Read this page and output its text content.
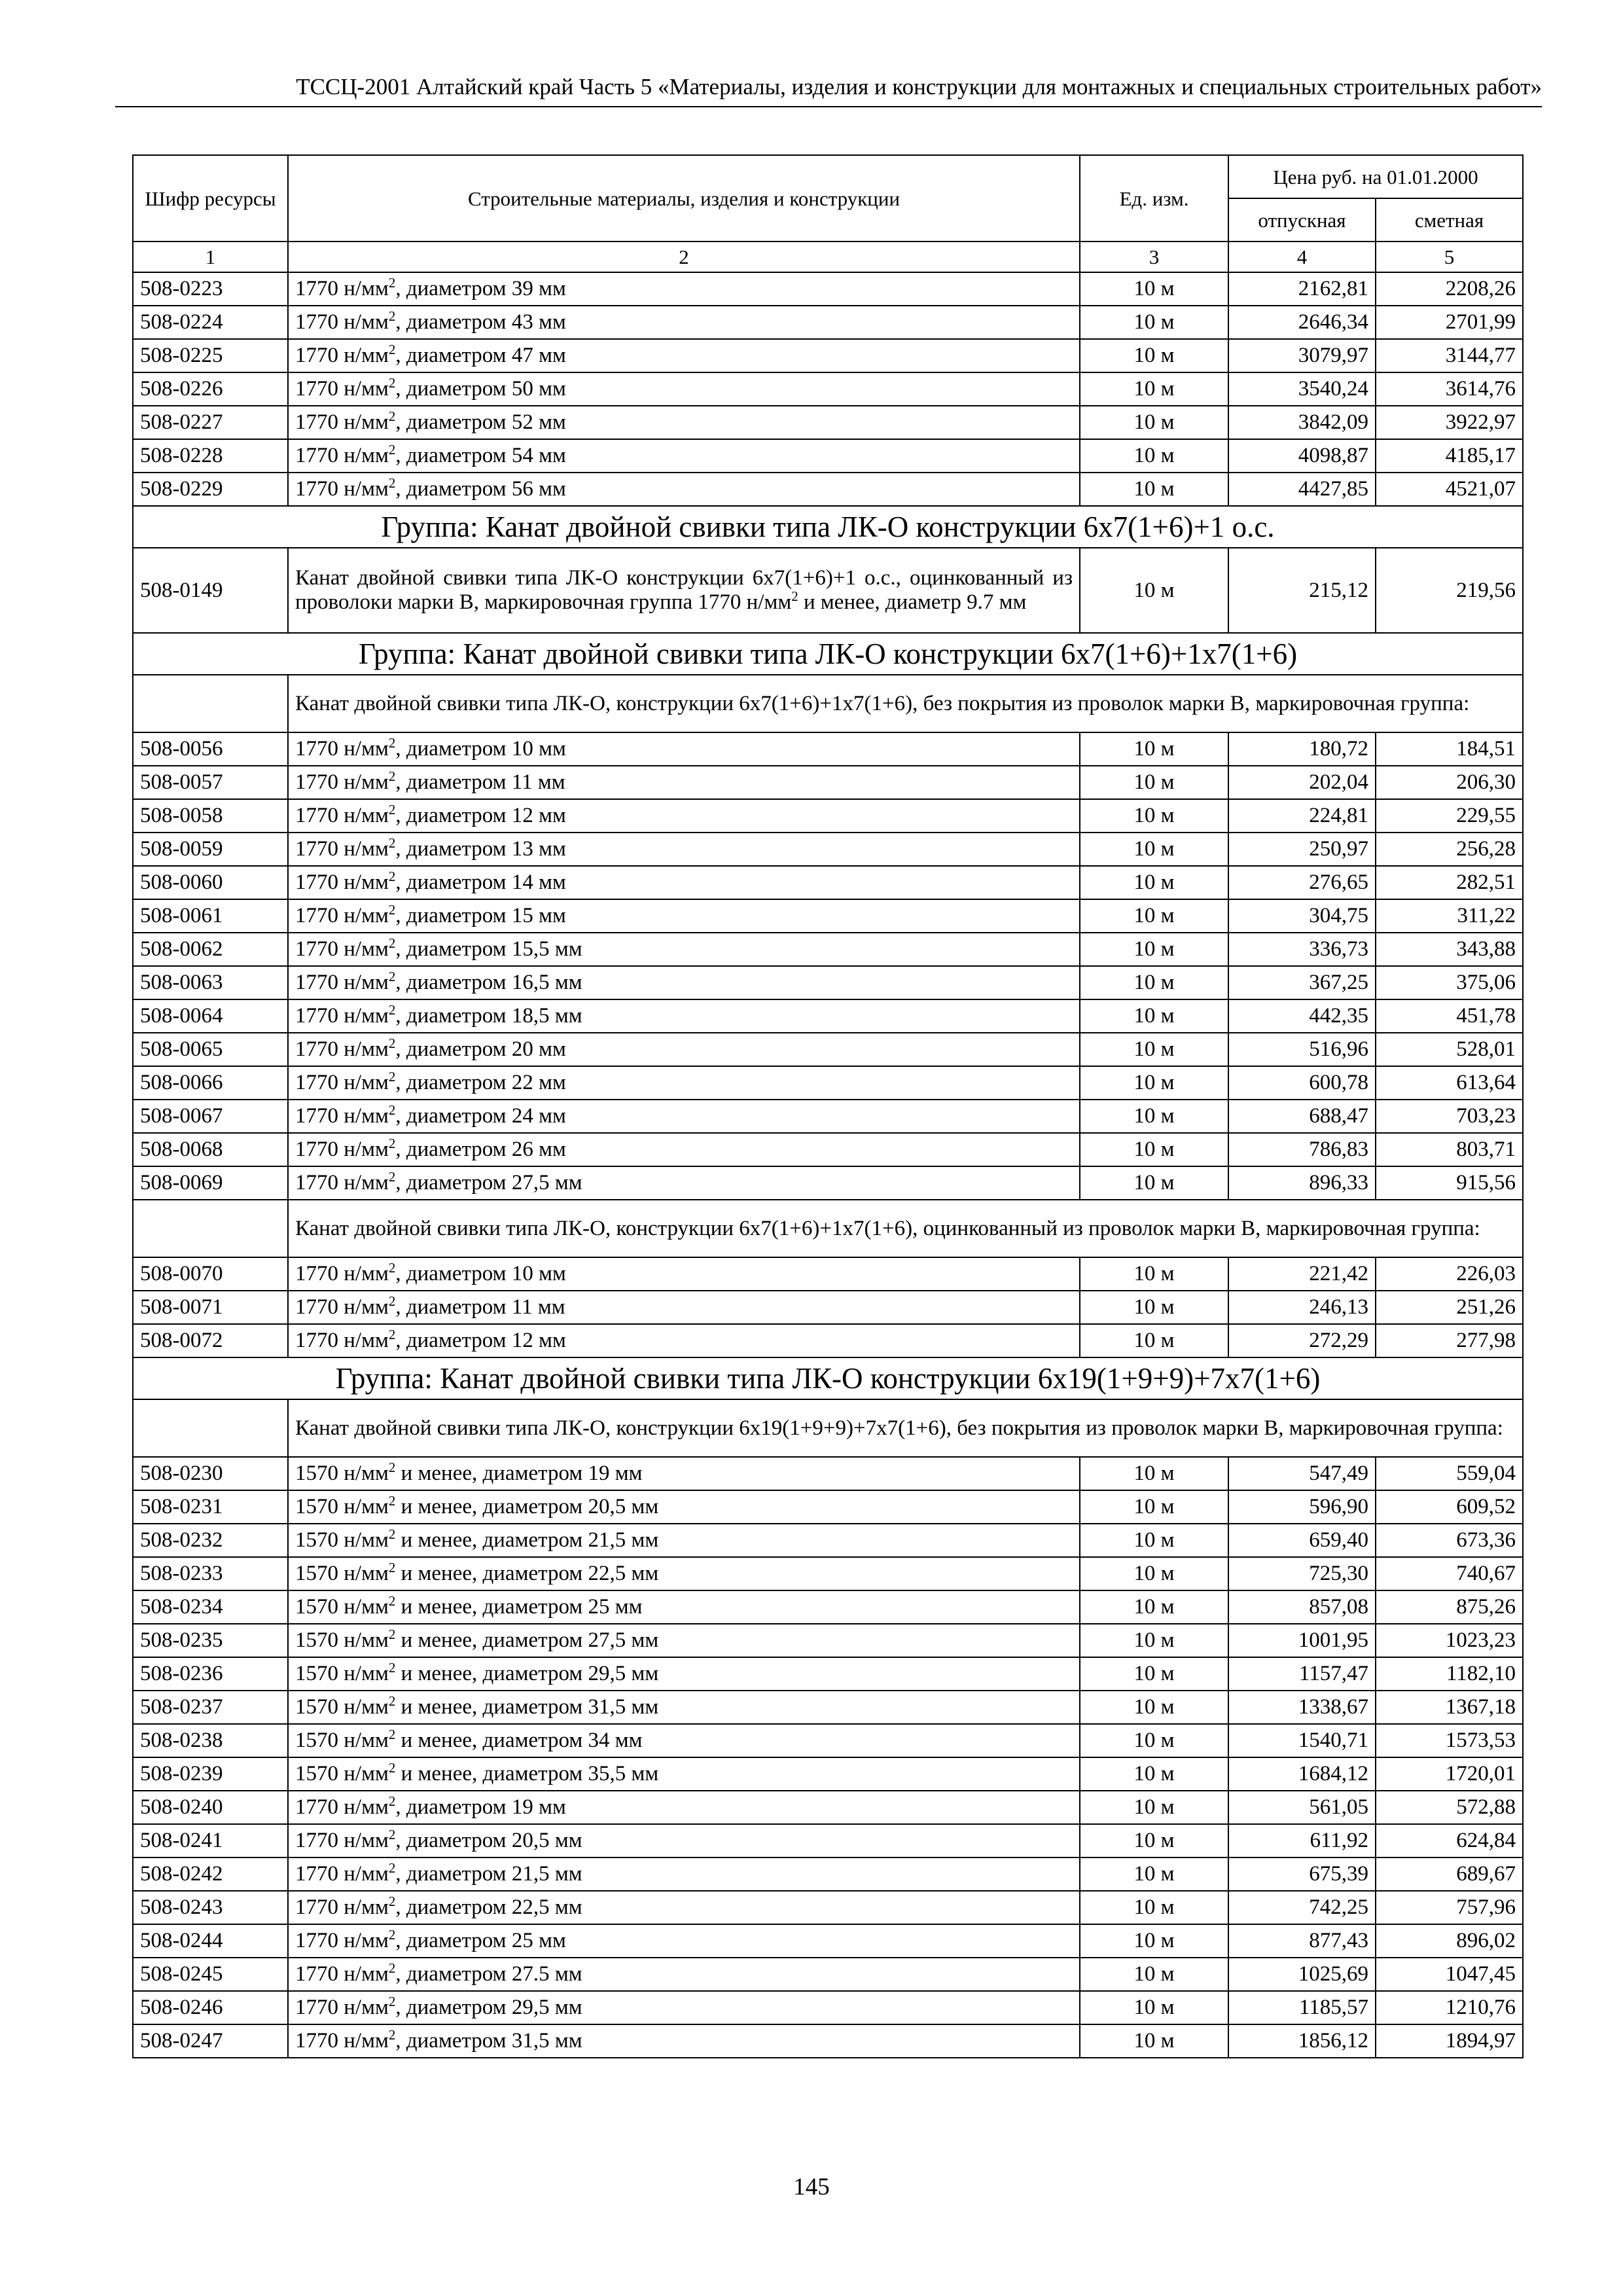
ТССЦ-2001 Алтайский край Часть 5 «Материалы, изделия и конструкции для монтажных и специальных строительных работ»
Шифр ресурсы	Строительные материалы, изделия и конструкции	Ед. изм.	Цена руб. на 01.01.2000	
			отпускная	сметная
1	2	3	4	5
508-0223	1770 $н/мм^2$, диаметром 39 мм	10 м	2162,81	2208,26
508-0224	1770 $н/мм^2$, диаметром 43 мм	10 м	2646,34	2701,99
508-0225	1770 $н/мм^2$, диаметром 47 мм	10 м	3079,97	3144,77
508-0226	1770 $н/мм^2$, диаметром 50 мм	10 м	3540,24	3614,76
508-0227	1770 $н/мм^2$, диаметром 52 мм	10 м	3842,09	3922,97
508-0228	1770 $н/мм^2$, диаметром 54 мм	10 м	4098,87	4185,17
508-0229	1770 $н/мм^2$, диаметром 56 мм	10 м	4427,85	4521,07
Группа: Канат двойной свивки типа ЛК-О конструкции 6х7(1+6)+1 о.с.				
508-0149	Канат двойной свивки типа ЛК-О конструкции 6х7(1+6)+1 о.с., оцинкованный из проволоки марки В, маркировочная группа 1770 $н/мм^2$ и менее, диаметр 9.7 мм	10 м	215,12	219,56
Группа: Канат двойной свивки типа ЛК-О конструкции 6х7(1+6)+1х7(1+6)				
	Канат двойной свивки типа ЛК-О, конструкции 6х7(1+6)+1х7(1+6), без покрытия из проволок марки В, маркировочная группа:			
508-0056	1770 $н/мм^2$, диаметром 10 мм	10 м	180,72	184,51
508-0057	1770 $н/мм^2$, диаметром 11 мм	10 м	202,04	206,30
508-0058	1770 $н/мм^2$, диаметром 12 мм	10 м	224,81	229,55
508-0059	1770 $н/мм^2$, диаметром 13 мм	10 м	250,97	256,28
508-0060	1770 $н/мм^2$, диаметром 14 мм	10 м	276,65	282,51
508-0061	1770 $н/мм^2$, диаметром 15 мм	10 м	304,75	311,22
508-0062	1770 $н/мм^2$, диаметром 15,5 мм	10 м	336,73	343,88
508-0063	1770 $н/мм^2$, диаметром 16,5 мм	10 м	367,25	375,06
508-0064	1770 $н/мм^2$, диаметром 18,5 мм	10 м	442,35	451,78
508-0065	1770 $н/мм^2$, диаметром 20 мм	10 м	516,96	528,01
508-0066	1770 $н/мм^2$, диаметром 22 мм	10 м	600,78	613,64
508-0067	1770 $н/мм^2$, диаметром 24 мм	10 м	688,47	703,23
508-0068	1770 $н/мм^2$, диаметром 26 мм	10 м	786,83	803,71
508-0069	1770 $н/мм^2$, диаметром 27,5 мм	10 м	896,33	915,56
	Канат двойной свивки типа ЛК-О, конструкции 6х7(1+6)+1х7(1+6), оцинкованный из проволок марки В, маркировочная группа:			
508-0070	1770 $н/мм^2$, диаметром 10 мм	10 м	221,42	226,03
508-0071	1770 $н/мм^2$, диаметром 11 мм	10 м	246,13	251,26
508-0072	1770 $н/мм^2$, диаметром 12 мм	10 м	272,29	277,98
Группа: Канат двойной свивки типа ЛК-О конструкции 6х19(1+9+9)+7х7(1+6)				
	Канат двойной свивки типа ЛК-О, конструкции 6х19(1+9+9)+7х7(1+6), без покрытия из проволок марки В, маркировочная группа:			
508-0230	1570 $н/мм^2$ и менее, диаметром 19 мм	10 м	547,49	559,04
508-0231	1570 $н/мм^2$ и менее, диаметром 20,5 мм	10 м	596,90	609,52
508-0232	1570 $н/мм^2$ и менее, диаметром 21,5 мм	10 м	659,40	673,36
508-0233	1570 $н/мм^2$ и менее, диаметром 22,5 мм	10 м	725,30	740,67
508-0234	1570 $н/мм^2$ и менее, диаметром 25 мм	10 м	857,08	875,26
508-0235	1570 $н/мм^2$ и менее, диаметром 27,5 мм	10 м	1001,95	1023,23
508-0236	1570 $н/мм^2$ и менее, диаметром 29,5 мм	10 м	1157,47	1182,10
508-0237	1570 $н/мм^2$ и менее, диаметром 31,5 мм	10 м	1338,67	1367,18
508-0238	1570 $н/мм^2$ и менее, диаметром 34 мм	10 м	1540,71	1573,53
508-0239	1570 $н/мм^2$ и менее, диаметром 35,5 мм	10 м	1684,12	1720,01
508-0240	1770 $н/мм^2$, диаметром 19 мм	10 м	561,05	572,88
508-0241	1770 $н/мм^2$, диаметром 20,5 мм	10 м	611,92	624,84
508-0242	1770 $н/мм^2$, диаметром 21,5 мм	10 м	675,39	689,67
508-0243	1770 $н/мм^2$, диаметром 22,5 мм	10 м	742,25	757,96
508-0244	1770 $н/мм^2$, диаметром 25 мм	10 м	877,43	896,02
508-0245	1770 $н/мм^2$, диаметром 27.5 мм	10 м	1025,69	1047,45
508-0246	1770 $н/мм^2$, диаметром 29,5 мм	10 м	1185,57	1210,76
508-0247	1770 $н/мм^2$, диаметром 31,5 мм	10 м	1856,12	1894,97
145
